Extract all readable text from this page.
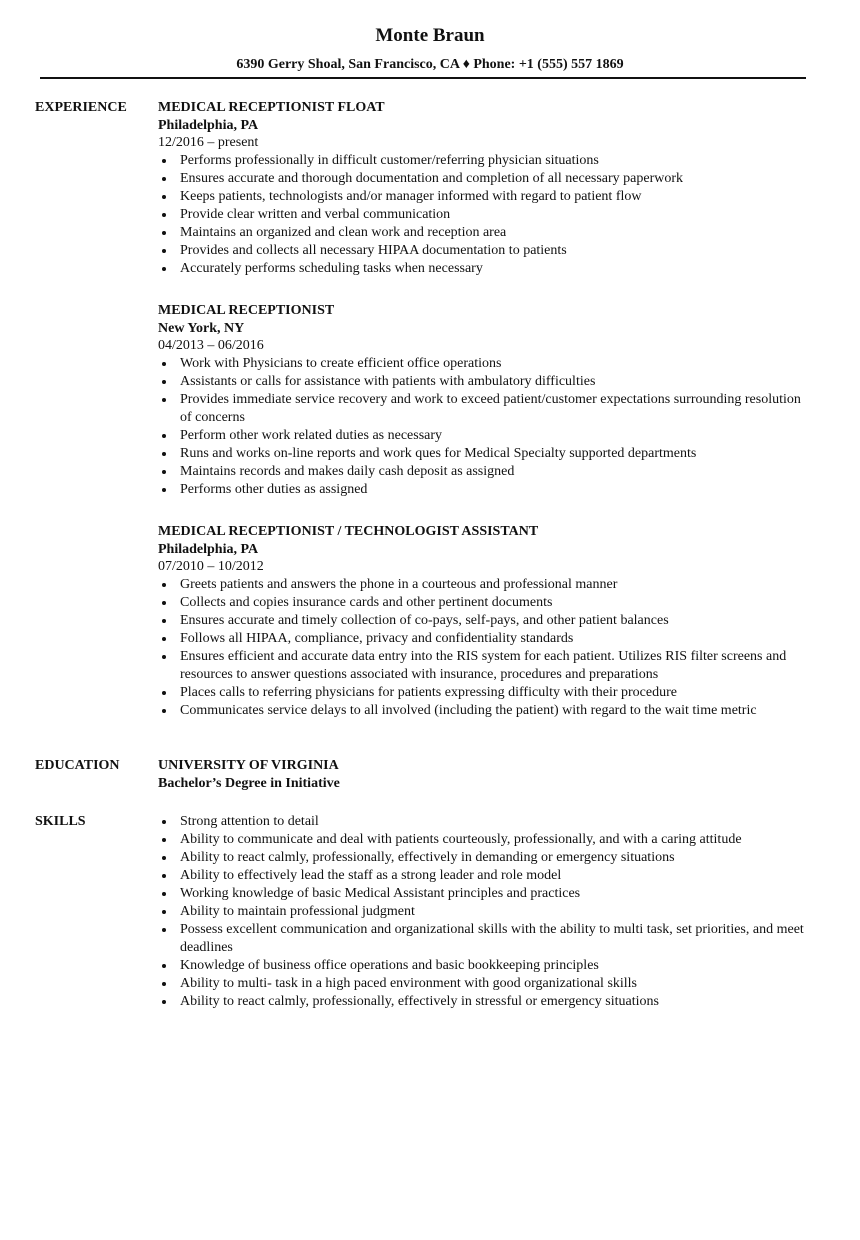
Monte Braun
6390 Gerry Shoal, San Francisco, CA ♦ Phone: +1 (555) 557 1869
EXPERIENCE	MEDICAL RECEPTIONIST FLOAT
Philadelphia, PA
12/2016 – present
Performs professionally in difficult customer/referring physician situations
Ensures accurate and thorough documentation and completion of all necessary paperwork
Keeps patients, technologists and/or manager informed with regard to patient flow
Provide clear written and verbal communication
Maintains an organized and clean work and reception area
Provides and collects all necessary HIPAA documentation to patients
Accurately performs scheduling tasks when necessary
MEDICAL RECEPTIONIST
New York, NY
04/2013 – 06/2016
Work with Physicians to create efficient office operations
Assistants or calls for assistance with patients with ambulatory difficulties
Provides immediate service recovery and work to exceed patient/customer expectations surrounding resolution of concerns
Perform other work related duties as necessary
Runs and works on-line reports and work ques for Medical Specialty supported departments
Maintains records and makes daily cash deposit as assigned
Performs other duties as assigned
MEDICAL RECEPTIONIST / TECHNOLOGIST ASSISTANT
Philadelphia, PA
07/2010 – 10/2012
Greets patients and answers the phone in a courteous and professional manner
Collects and copies insurance cards and other pertinent documents
Ensures accurate and timely collection of co-pays, self-pays, and other patient balances
Follows all HIPAA, compliance, privacy and confidentiality standards
Ensures efficient and accurate data entry into the RIS system for each patient. Utilizes RIS filter screens and resources to answer questions associated with insurance, procedures and preparations
Places calls to referring physicians for patients expressing difficulty with their procedure
Communicates service delays to all involved (including the patient) with regard to the wait time metric
EDUCATION	UNIVERSITY OF VIRGINIA
Bachelor’s Degree in Initiative
SKILLS	Strong attention to detail
Ability to communicate and deal with patients courteously, professionally, and with a caring attitude
Ability to react calmly, professionally, effectively in demanding or emergency situations
Ability to effectively lead the staff as a strong leader and role model
Working knowledge of basic Medical Assistant principles and practices
Ability to maintain professional judgment
Possess excellent communication and organizational skills with the ability to multi task, set priorities, and meet deadlines
Knowledge of business office operations and basic bookkeeping principles
Ability to multi- task in a high paced environment with good organizational skills
Ability to react calmly, professionally, effectively in stressful or emergency situations
